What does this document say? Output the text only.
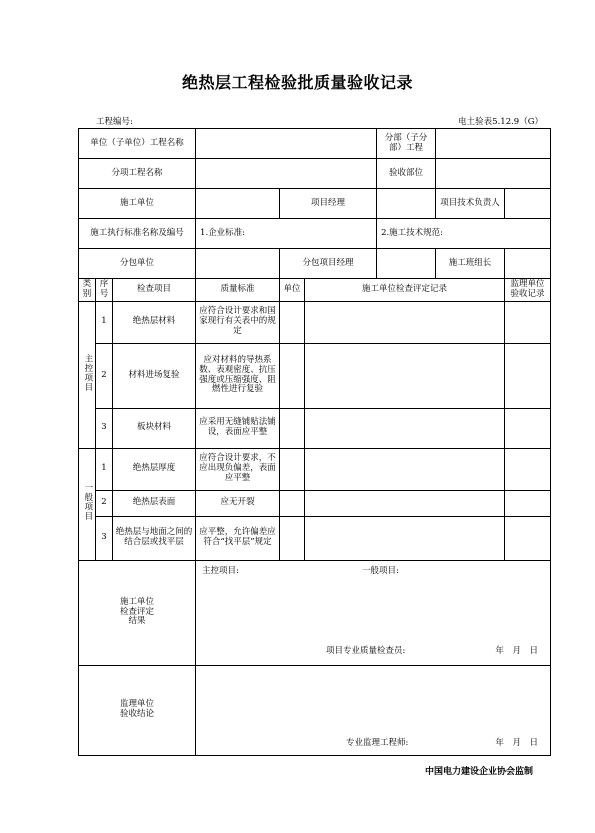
绝热层工程检验批质量验收记录
工程编号:	电土验表5.12.9（G）
单位（子单位）工程名称						分部（子分部）工程		
分项工程名称						验收部位		
施工单位				项目经理			项目技术负责人	
施工执行标准名称及编号			1.企业标准:			2.施工技术规范:		
分包单位				分包项目经理			施工班组长	
类别	序号	检查项目	质量标准	单位	施工单位检查评定记录			监理单位验收记录
主控项目	1	绝热层材料	应符合设计要求和国家现行有关表中的规定					
	2	材料进场复验	应对材料的导热系数、表观密度、抗压强度或压缩强度、阻燃性进行复验					
	3	板块材料	应采用无缝铺贴法铺设，表面应平整					
一般项目	1	绝热层厚度	应符合设计要求，不应出现负偏差，表面应平整					
	2	绝热层表面	应无开裂					
	3	绝热层与地面之间的结合层或找平层	应平整，允许偏差应符合“找平层”规定					
施工单位检查评定结果			主控项目: 一般项目:
项目专业质量检查员: 年　月　日					

监理单位验收结论			专业监理工程师: 年　月　日					
中国电力建设企业协会监制
